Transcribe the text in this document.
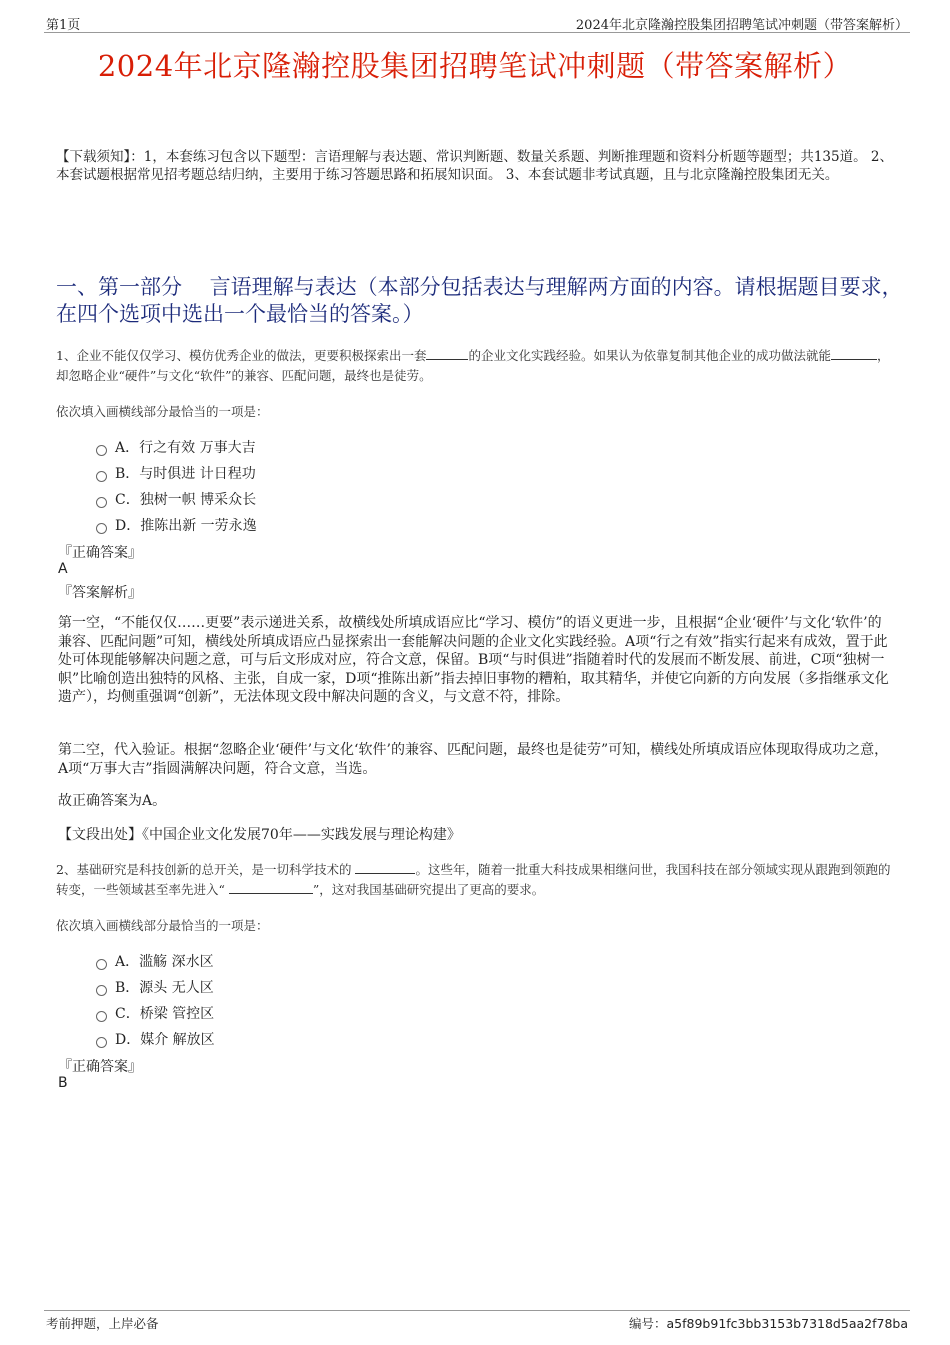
第1页	2024年北京隆瀚控股集团招聘笔试冲刺题（带答案解析）
2024年北京隆瀚控股集团招聘笔试冲刺题（带答案解析）
【下载须知】：1，本套练习包含以下题型：言语理解与表达题、常识判断题、数量关系题、判断推理题和资料分析题等题型；共135道。 2、本套试题根据常见招考题总结归纳，主要用于练习答题思路和拓展知识面。 3、本套试题非考试真题，且与北京隆瀚控股集团无关。
一、第一部分　 言语理解与表达（本部分包括表达与理解两方面的内容。请根据题目要求，在四个选项中选出一个最恰当的答案。）
1、企业不能仅仅学习、模仿优秀企业的做法，更要积极探索出一套	的企业文化实践经验。如果认为依靠复制其他企业的成功做法就能	，却忽略企业“硬件”与文化“软件”的兼容、匹配问题，最终也是徒劳。
依次填入画横线部分最恰当的一项是：
A．行之有效 万事大吉
B．与时俱进 计日程功
C．独树一帜 博采众长
D．推陈出新 一劳永逸
『正确答案』
A
『答案解析』
第一空，“不能仅仅……更要”表示递进关系，故横线处所填成语应比“学习、模仿”的语义更进一步，且根据“企业‘硬件’与文化‘软件’的兼容、匹配问题”可知，横线处所填成语应凸显探索出一套能解决问题的企业文化实践经验。A项“行之有效”指实行起来有成效，置于此处可体现能够解决问题之意，可与后文形成对应，符合文意，保留。B项“与时俱进”指随着时代的发展而不断发展、前进，C项“独树一帜”比喻创造出独特的风格、主张，自成一家，D项“推陈出新”指去掉旧事物的糟粕，取其精华，并使它向新的方向发展（多指继承文化遗产），均侧重强调“创新”，无法体现文段中解决问题的含义，与文意不符，排除。
第二空，代入验证。根据“忽略企业‘硬件’与文化‘软件’的兼容、匹配问题，最终也是徒劳”可知，横线处所填成语应体现取得成功之意，A项“万事大吉”指圆满解决问题，符合文意，当选。
故正确答案为A。
【文段出处】《中国企业文化发展70年——实践发展与理论构建》
2、基础研究是科技创新的总开关，是一切科学技术的	。这些年，随着一批重大科技成果相继问世，我国科技在部分领域实现从跟跑到领跑的转变，一些领域甚至率先进入“	”，这对我国基础研究提出了更高的要求。
依次填入画横线部分最恰当的一项是：
A．滥觞 深水区
B．源头 无人区
C．桥梁 管控区
D．媒介 解放区
『正确答案』
B
考前押题，上岸必备	编号：a5f89b91fc3bb3153b7318d5aa2f78ba
